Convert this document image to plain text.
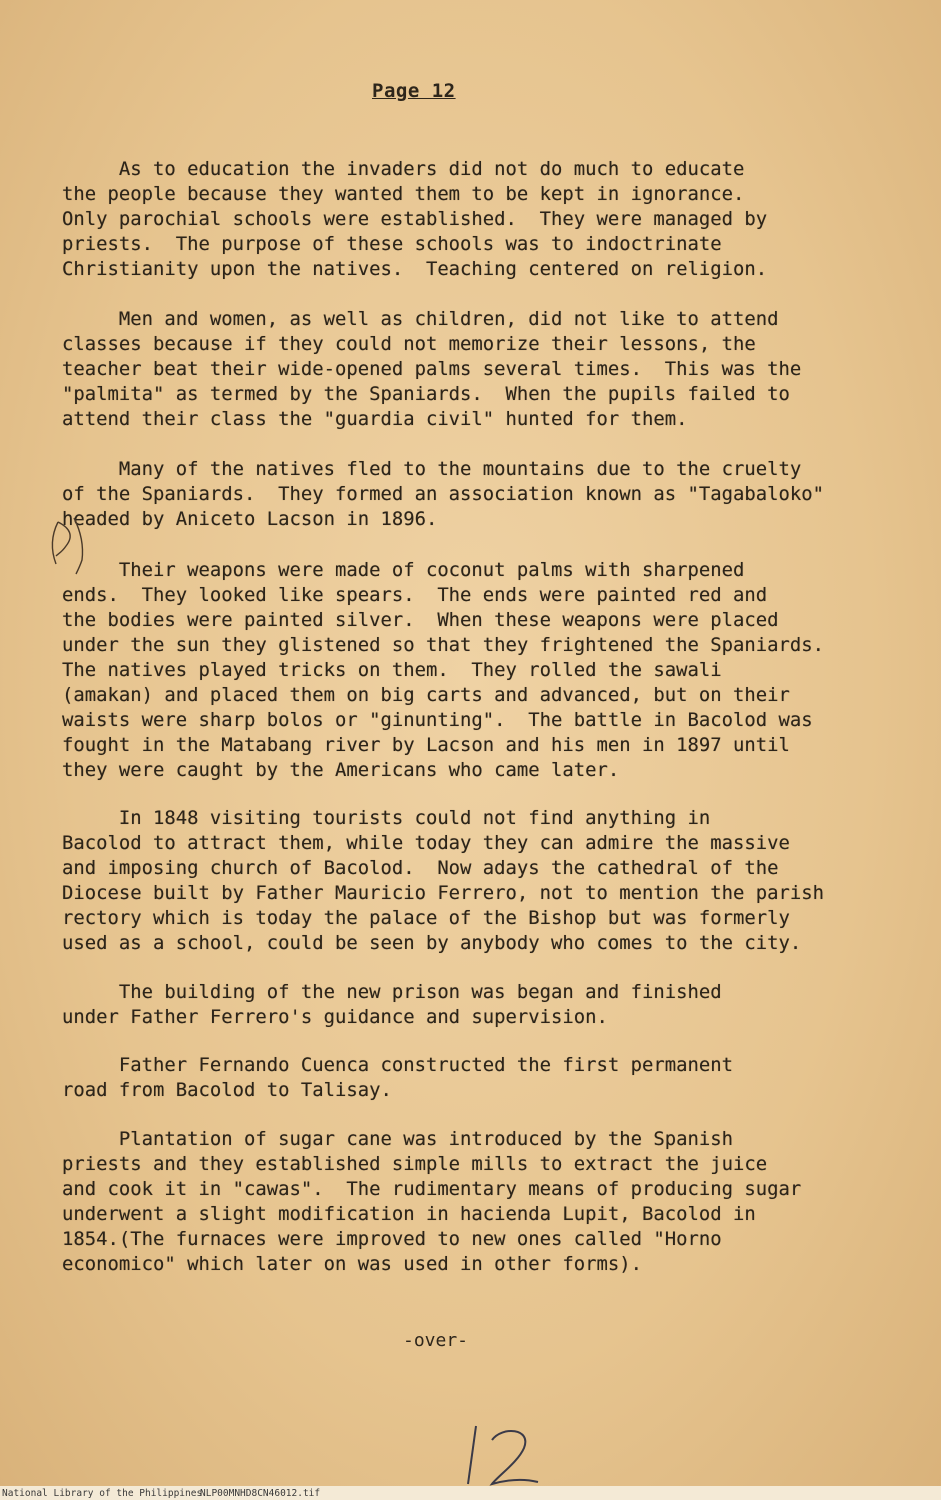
Page 12

As to education the invaders did not do much to educate
the people because they wanted them to be kept in ignorance.
Only parochial schools were established.  They were managed by
priests.  The purpose of these schools was to indoctrinate
Christianity upon the natives.  Teaching centered on religion.

Men and women, as well as children, did not like to attend
classes because if they could not memorize their lessons, the
teacher beat their wide-opened palms several times.  This was the
"palmita" as termed by the Spaniards.  When the pupils failed to
attend their class the "guardia civil" hunted for them.

Many of the natives fled to the mountains due to the cruelty
of the Spaniards.  They formed an association known as "Tagabaloko"
headed by Aniceto Lacson in 1896.

Their weapons were made of coconut palms with sharpened
ends.  They looked like spears.  The ends were painted red and
the bodies were painted silver.  When these weapons were placed
under the sun they glistened so that they frightened the Spaniards.
The natives played tricks on them.  They rolled the sawali
(amakan) and placed them on big carts and advanced, but on their
waists were sharp bolos or "ginunting".  The battle in Bacolod was
fought in the Matabang river by Lacson and his men in 1897 until
they were caught by the Americans who came later.

In 1848 visiting tourists could not find anything in
Bacolod to attract them, while today they can admire the massive
and imposing church of Bacolod.  Now adays the cathedral of the
Diocese built by Father Mauricio Ferrero, not to mention the parish
rectory which is today the palace of the Bishop but was formerly
used as a school, could be seen by anybody who comes to the city.

The building of the new prison was began and finished
under Father Ferrero's guidance and supervision.

Father Fernando Cuenca constructed the first permanent
road from Bacolod to Talisay.

Plantation of sugar cane was introduced by the Spanish
priests and they established simple mills to extract the juice
and cook it in "cawas".  The rudimentary means of producing sugar
underwent a slight modification in hacienda Lupit, Bacolod in
1854.(The furnaces were improved to new ones called "Horno
economico" which later on was used in other forms).

-over-
12
National Library of the Philippines
NLP00MNHD8CN46012.tif
